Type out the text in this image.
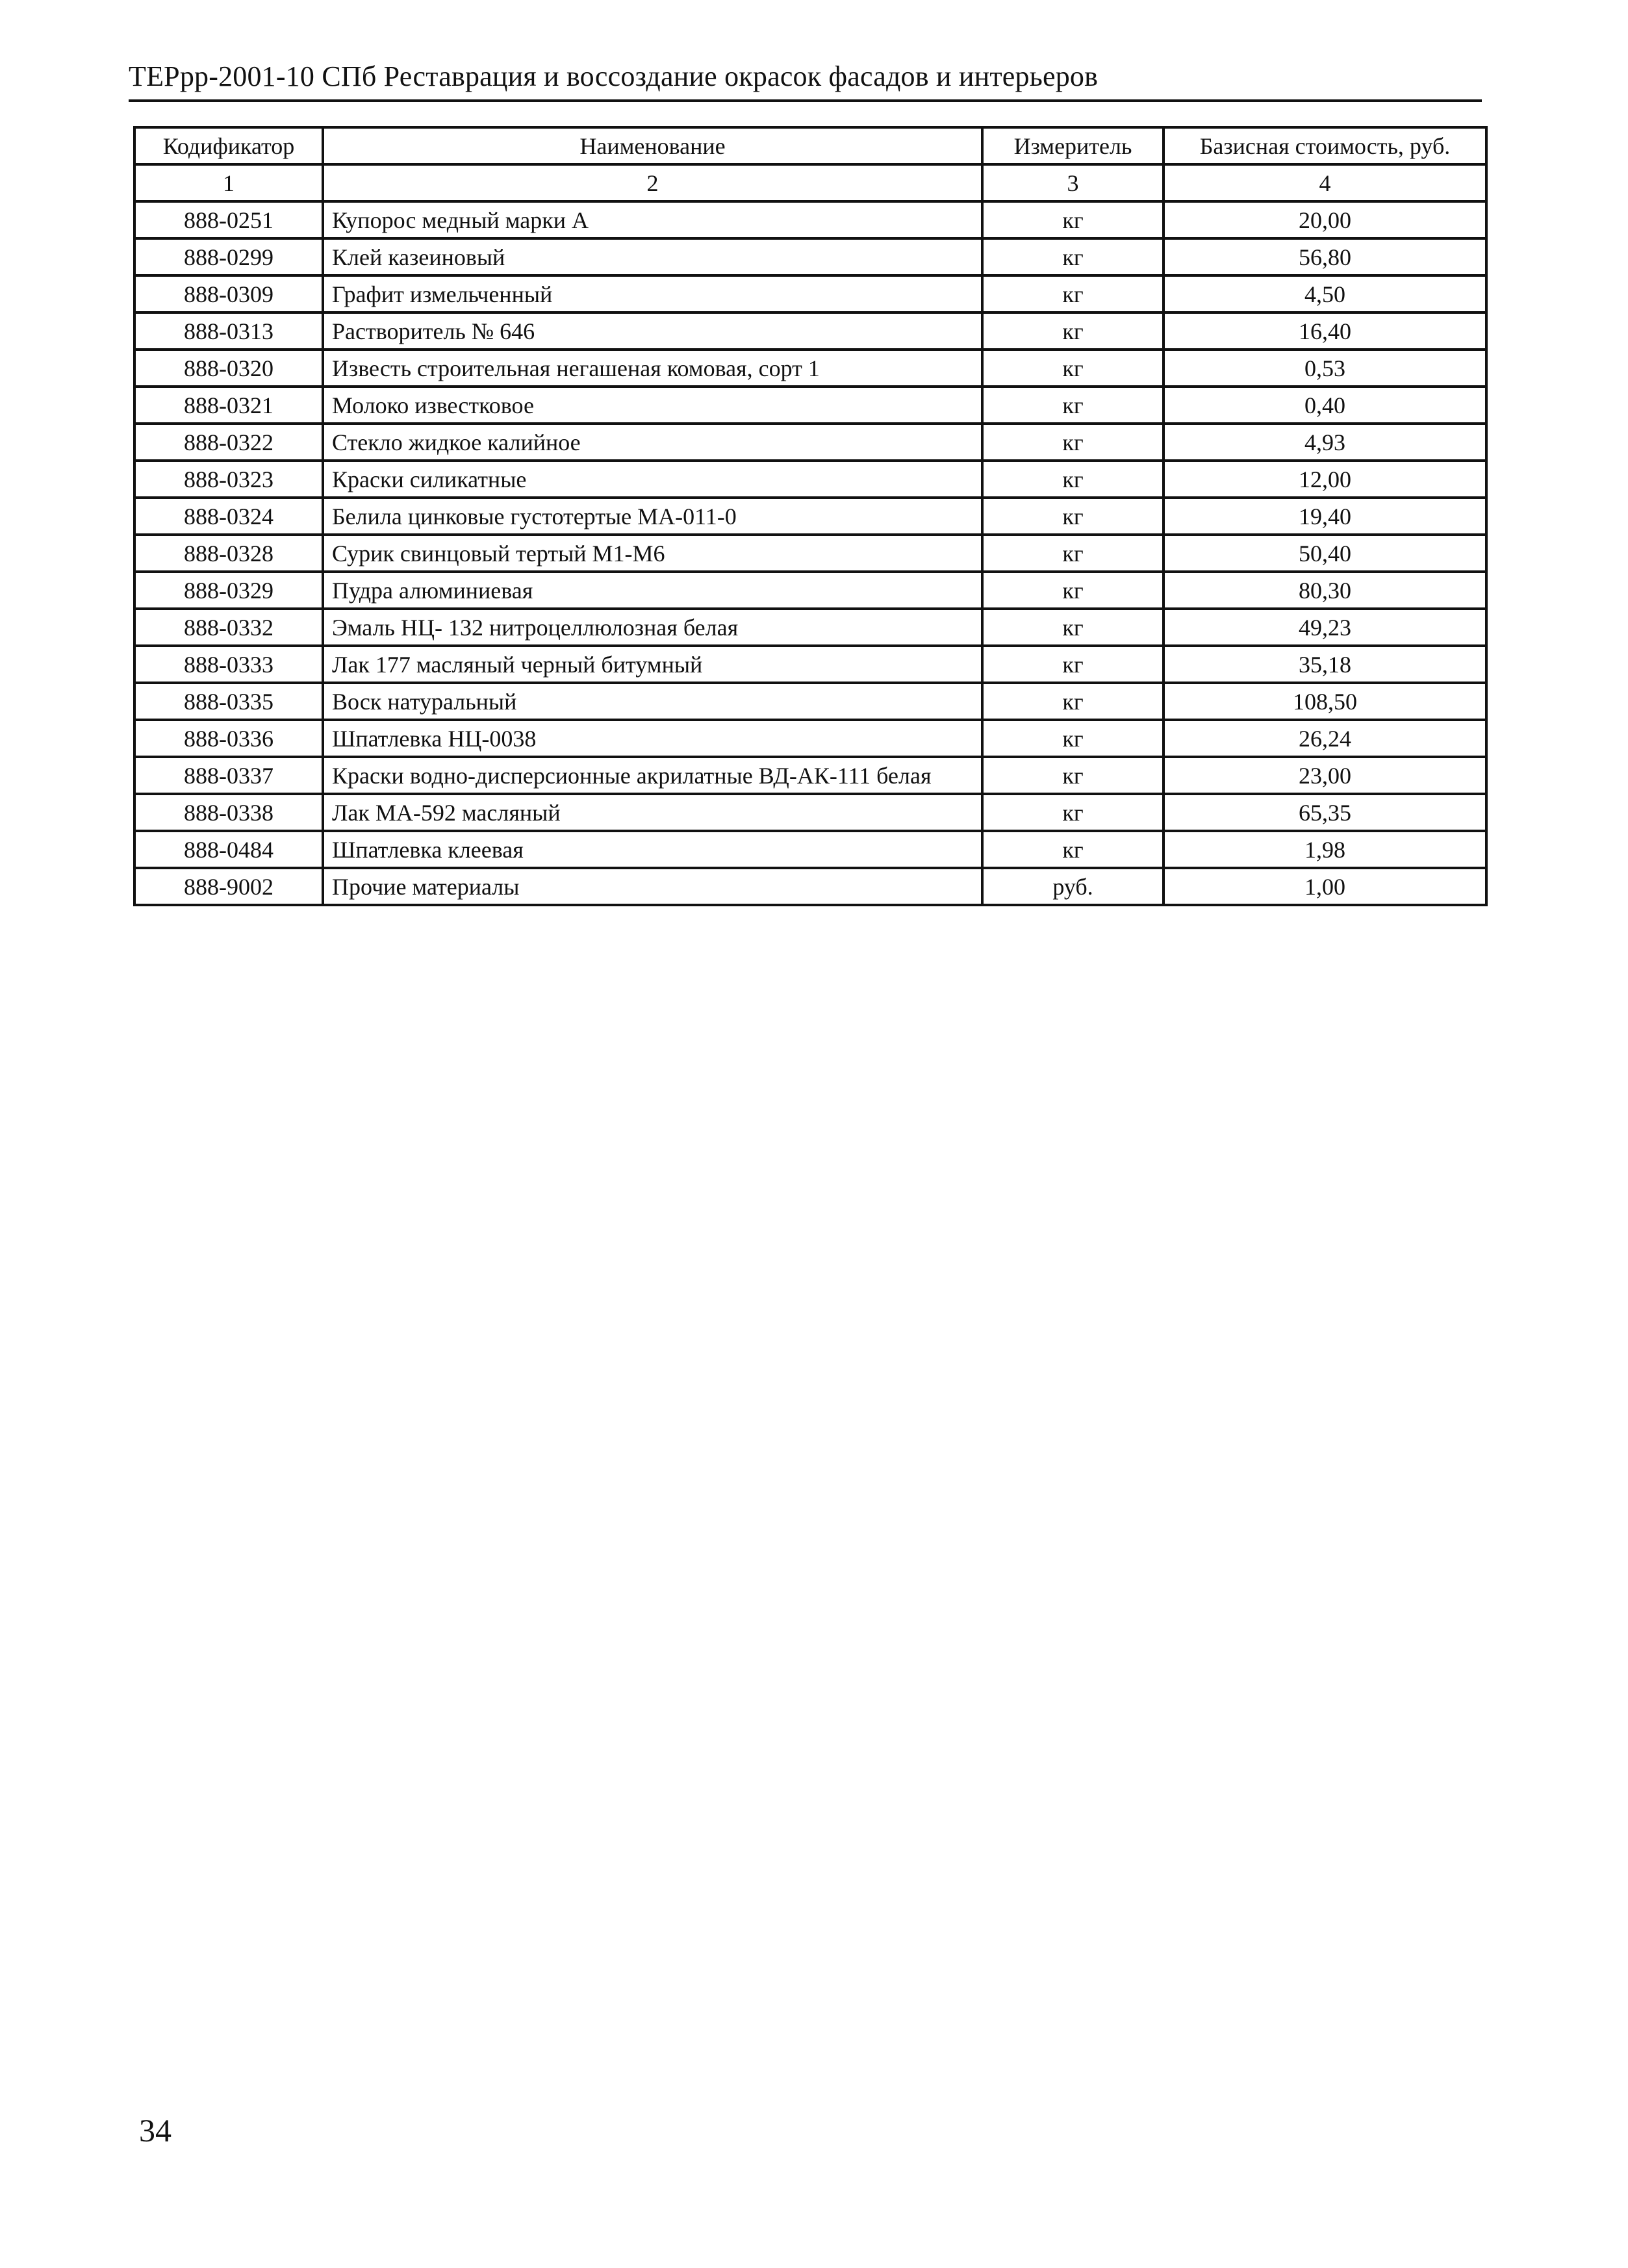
ТЕРрр-2001-10 СПб Реставрация и воссоздание окрасок фасадов и интерьеров
Кодификатор	Наименование	Измеритель	Базисная стоимость, руб.
1	2	3	4
888-0251	Купорос медный марки А	кг	20,00
888-0299	Клей казеиновый	кг	56,80
888-0309	Графит измельченный	кг	4,50
888-0313	Растворитель № 646	кг	16,40
888-0320	Известь строительная негашеная комовая, сорт 1	кг	0,53
888-0321	Молоко известковое	кг	0,40
888-0322	Стекло жидкое калийное	кг	4,93
888-0323	Краски силикатные	кг	12,00
888-0324	Белила цинковые густотертые МА-011-0	кг	19,40
888-0328	Сурик свинцовый тертый М1-М6	кг	50,40
888-0329	Пудра алюминиевая	кг	80,30
888-0332	Эмаль НЦ- 132 нитроцеллюлозная белая	кг	49,23
888-0333	Лак 177 масляный черный битумный	кг	35,18
888-0335	Воск натуральный	кг	108,50
888-0336	Шпатлевка НЦ-0038	кг	26,24
888-0337	Краски водно-дисперсионные акрилатные ВД-АК-111 белая	кг	23,00
888-0338	Лак МА-592 масляный	кг	65,35
888-0484	Шпатлевка клеевая	кг	1,98
888-9002	Прочие материалы	руб.	1,00
34
